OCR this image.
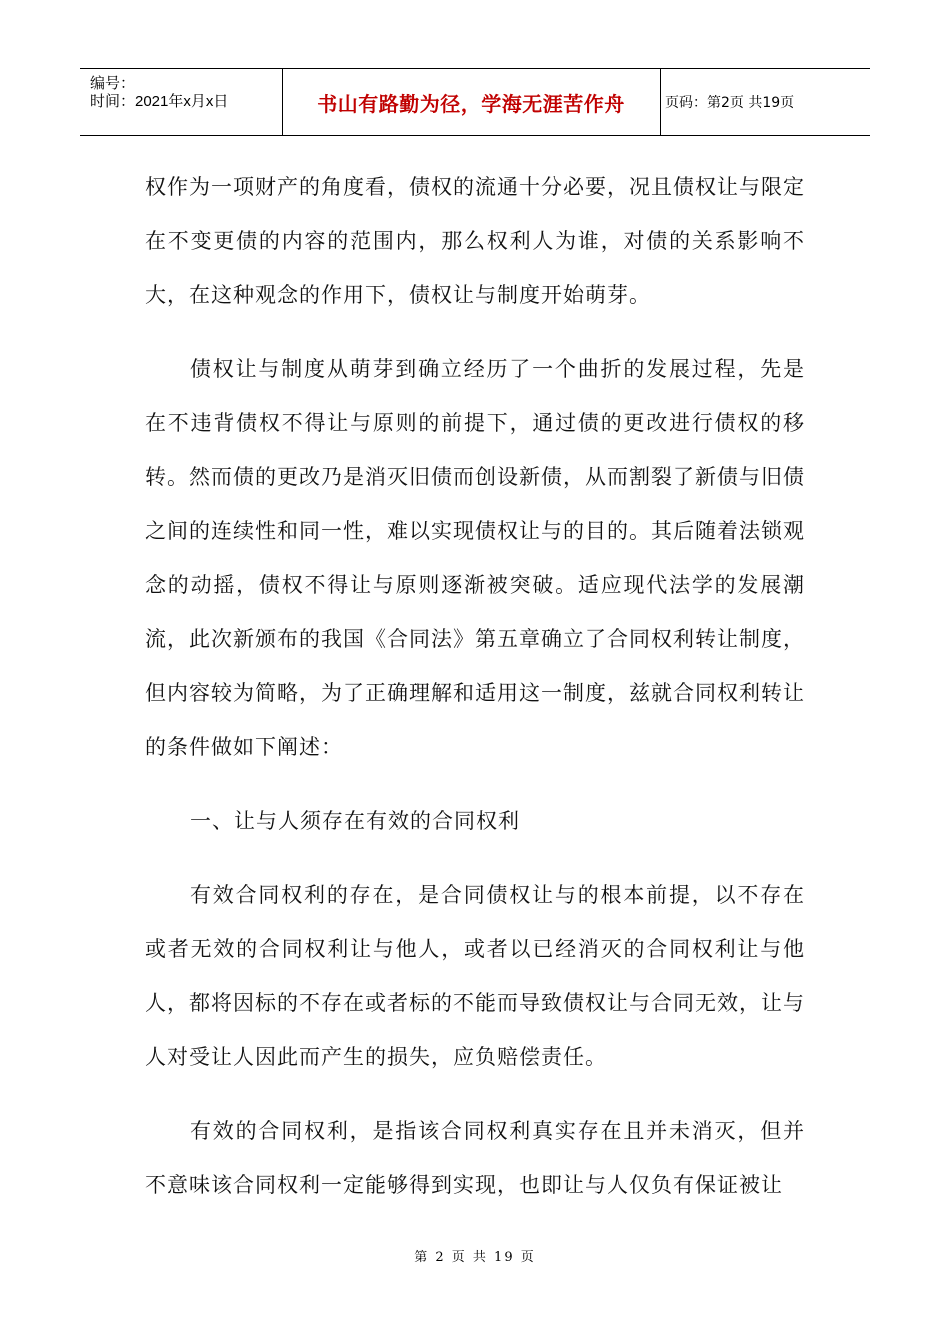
编号：
时间：2021年x月x日	书山有路勤为径，学海无涯苦作舟	页码：第2页 共19页

权作为一项财产的角度看，债权的流通十分必要，况且债权让与限定在不变更债的内容的范围内，那么权利人为谁，对债的关系影响不大，在这种观念的作用下，债权让与制度开始萌芽。

债权让与制度从萌芽到确立经历了一个曲折的发展过程，先是在不违背债权不得让与原则的前提下，通过债的更改进行债权的移转。然而债的更改乃是消灭旧债而创设新债，从而割裂了新债与旧债之间的连续性和同一性，难以实现债权让与的目的。其后随着法锁观念的动摇，债权不得让与原则逐渐被突破。适应现代法学的发展潮流，此次新颁布的我国《合同法》第五章确立了合同权利转让制度，但内容较为简略，为了正确理解和适用这一制度，兹就合同权利转让的条件做如下阐述：

一、让与人须存在有效的合同权利

有效合同权利的存在，是合同债权让与的根本前提，以不存在或者无效的合同权利让与他人，或者以已经消灭的合同权利让与他人，都将因标的不存在或者标的不能而导致债权让与合同无效，让与人对受让人因此而产生的损失，应负赔偿责任。

有效的合同权利，是指该合同权利真实存在且并未消灭，但并不意味该合同权利一定能够得到实现，也即让与人仅负有保证被让

第 2 页 共 19 页
